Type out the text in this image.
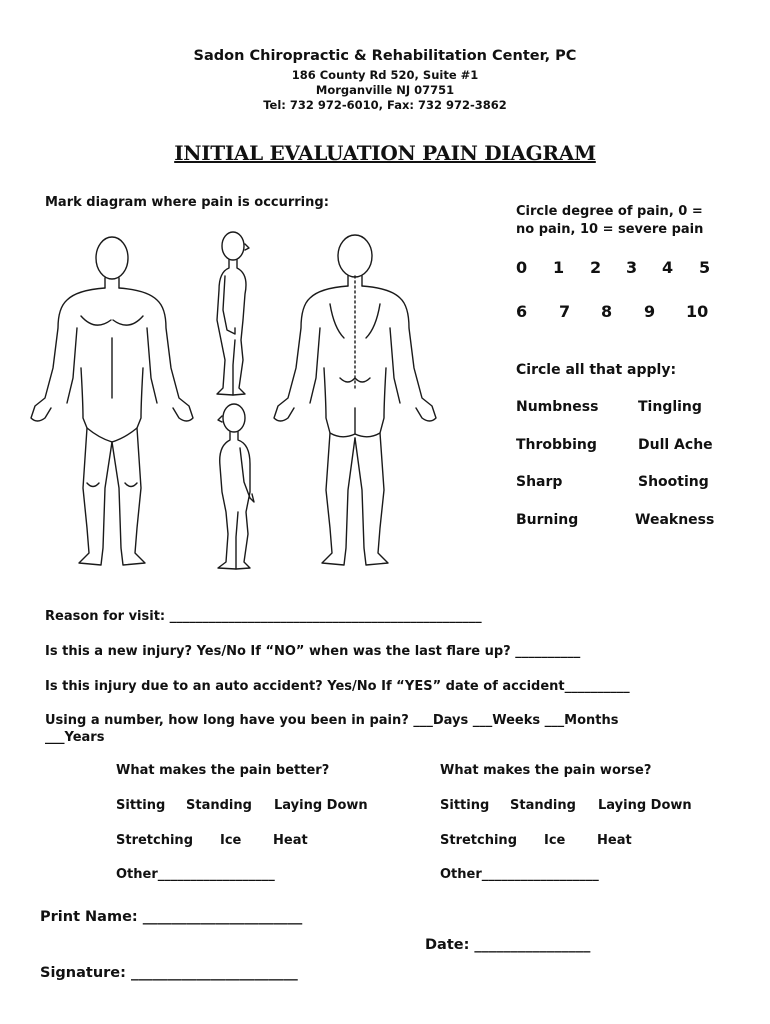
Sadon Chiropractic & Rehabilitation Center, PC
186 County Rd 520, Suite #1
Morganville NJ 07751
Tel: 732 972-6010, Fax: 732 972-3862
INITIAL EVALUATION PAIN DIAGRAM
Mark diagram where pain is occurring:
Circle degree of pain, 0 =
no pain, 10 = severe pain
0 1 2 3 4 5
6 7 8 9 10
Circle all that apply:
Numbness	Tingling
Throbbing	Dull Ache
Sharp	Shooting
Burning	Weakness
Reason for visit: ________________________________________________
Is this a new injury? Yes/No If “NO” when was the last flare up? __________
Is this injury due to an auto accident? Yes/No If “YES” date of accident__________
Using a number, how long have you been in pain? ___Days ___Weeks ___Months
___Years
What makes the pain better?
Sitting Standing Laying Down
Stretching Ice Heat
Other__________________
What makes the pain worse?
Sitting Standing Laying Down
Stretching Ice Heat
Other__________________
Print Name: ______________________
Date: ________________
Signature: _______________________
